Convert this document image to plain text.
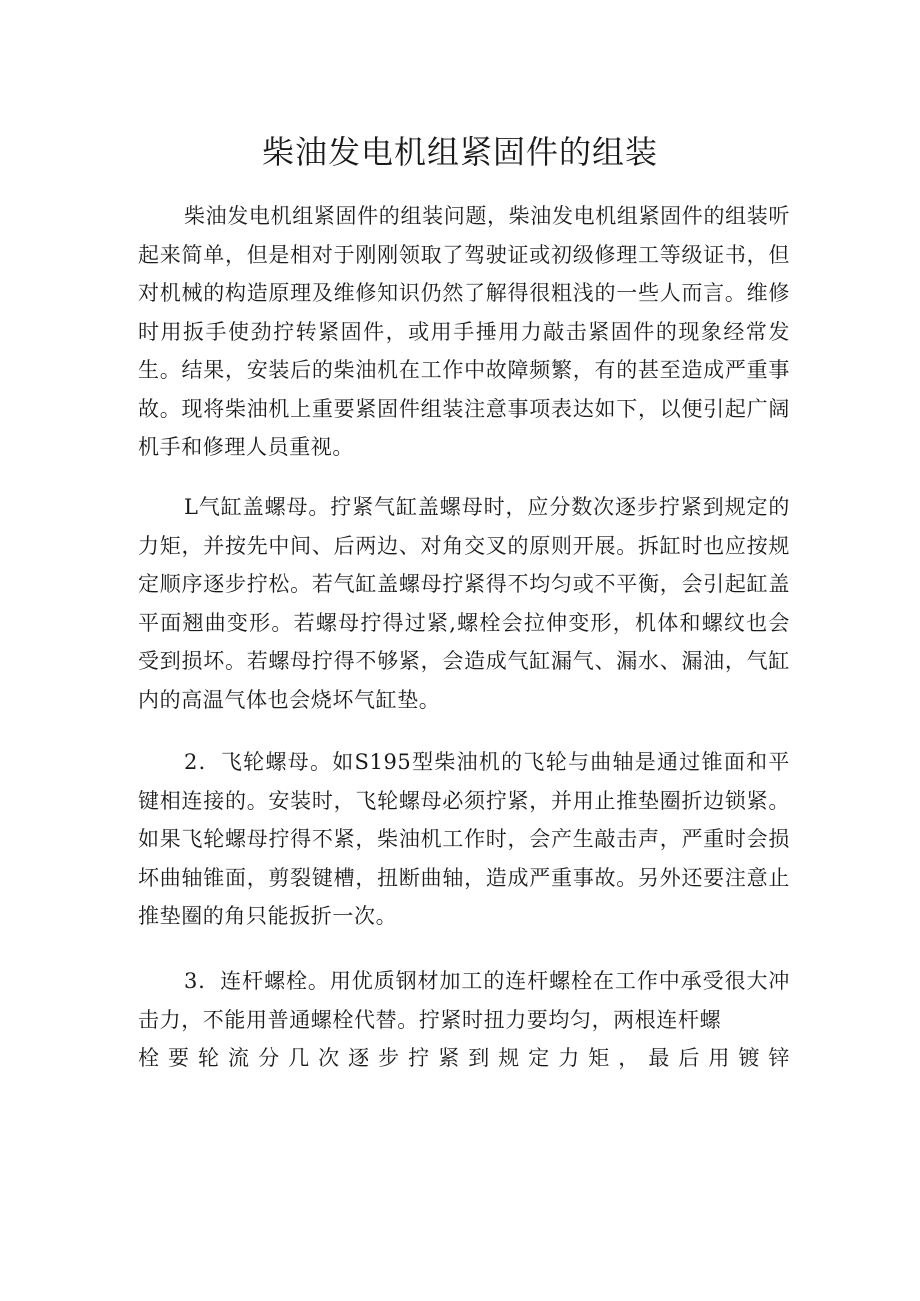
柴油发电机组紧固件的组装

柴油发电机组紧固件的组装问题，柴油发电机组紧固件的组装听起来简单，但是相对于刚刚领取了驾驶证或初级修理工等级证书，但对机械的构造原理及维修知识仍然了解得很粗浅的一些人而言。维修时用扳手使劲拧转紧固件，或用手捶用力敲击紧固件的现象经常发生。结果，安装后的柴油机在工作中故障频繁，有的甚至造成严重事故。现将柴油机上重要紧固件组装注意事项表达如下，以便引起广阔机手和修理人员重视。

L气缸盖螺母。拧紧气缸盖螺母时，应分数次逐步拧紧到规定的力矩，并按先中间、后两边、对角交叉的原则开展。拆缸时也应按规定顺序逐步拧松。若气缸盖螺母拧紧得不均匀或不平衡，会引起缸盖平面翘曲变形。若螺母拧得过紧,螺栓会拉伸变形，机体和螺纹也会受到损坏。若螺母拧得不够紧，会造成气缸漏气、漏水、漏油，气缸内的高温气体也会烧坏气缸垫。

2．飞轮螺母。如S195型柴油机的飞轮与曲轴是通过锥面和平键相连接的。安装时，飞轮螺母必须拧紧，并用止推垫圈折边锁紧。如果飞轮螺母拧得不紧，柴油机工作时，会产生敲击声，严重时会损坏曲轴锥面，剪裂键槽，扭断曲轴，造成严重事故。另外还要注意止推垫圈的角只能扳折一次。

3．连杆螺栓。用优质钢材加工的连杆螺栓在工作中承受很大冲击力，不能用普通螺栓代替。拧紧时扭力要均匀，两根连杆螺
栓要轮流分几次逐步拧紧到规定力矩，最后用镀锌
